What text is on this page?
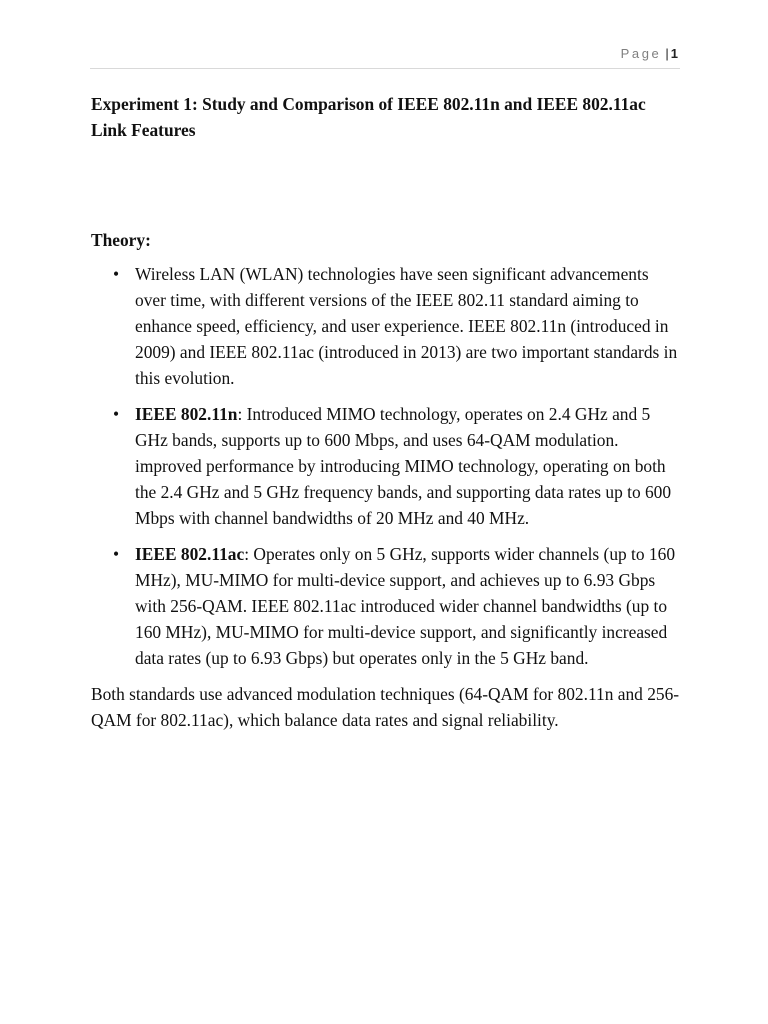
Page | 1

Experiment 1: Study and Comparison of IEEE 802.11n and IEEE 802.11ac Link Features

Theory:

• Wireless LAN (WLAN) technologies have seen significant advancements over time, with different versions of the IEEE 802.11 standard aiming to enhance speed, efficiency, and user experience. IEEE 802.11n (introduced in 2009) and IEEE 802.11ac (introduced in 2013) are two important standards in this evolution.
• IEEE 802.11n: Introduced MIMO technology, operates on 2.4 GHz and 5 GHz bands, supports up to 600 Mbps, and uses 64-QAM modulation. improved performance by introducing MIMO technology, operating on both the 2.4 GHz and 5 GHz frequency bands, and supporting data rates up to 600 Mbps with channel bandwidths of 20 MHz and 40 MHz.
• IEEE 802.11ac: Operates only on 5 GHz, supports wider channels (up to 160 MHz), MU-MIMO for multi-device support, and achieves up to 6.93 Gbps with 256-QAM. IEEE 802.11ac introduced wider channel bandwidths (up to 160 MHz), MU-MIMO for multi-device support, and significantly increased data rates (up to 6.93 Gbps) but operates only in the 5 GHz band.

Both standards use advanced modulation techniques (64-QAM for 802.11n and 256-QAM for 802.11ac), which balance data rates and signal reliability.
